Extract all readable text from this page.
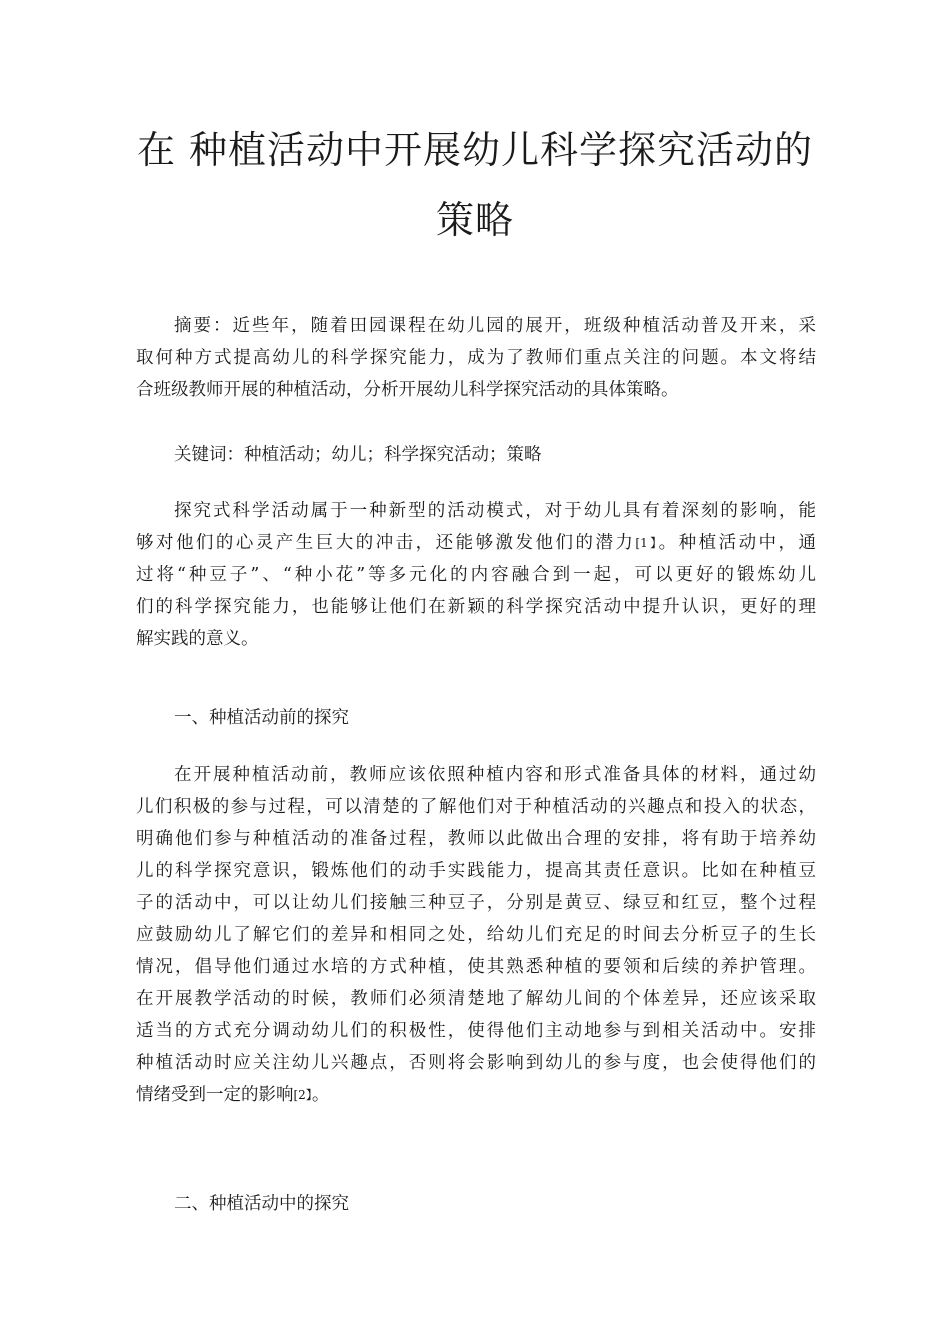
在 种植活动中开展幼儿科学探究活动的
策略
摘要：近些年，随着田园课程在幼儿园的展开，班级种植活动普及开来，采
取何种方式提高幼儿的科学探究能力，成为了教师们重点关注的问题。本文将结
合班级教师开展的种植活动，分析开展幼儿科学探究活动的具体策略。
关键词：种植活动；幼儿；科学探究活动；策略
探究式科学活动属于一种新型的活动模式，对于幼儿具有着深刻的影响，能
够对他们的心灵产生巨大的冲击，还能够激发他们的潜力[1】。种植活动中，通
过将“种豆子”、“种小花”等多元化的内容融合到一起，可以更好的锻炼幼儿
们的科学探究能力，也能够让他们在新颖的科学探究活动中提升认识，更好的理
解实践的意义。
一、种植活动前的探究
在开展种植活动前，教师应该依照种植内容和形式准备具体的材料，通过幼
儿们积极的参与过程，可以清楚的了解他们对于种植活动的兴趣点和投入的状态，
明确他们参与种植活动的准备过程，教师以此做出合理的安排，将有助于培养幼
儿的科学探究意识，锻炼他们的动手实践能力，提高其责任意识。比如在种植豆
子的活动中，可以让幼儿们接触三种豆子，分别是黄豆、绿豆和红豆，整个过程
应鼓励幼儿了解它们的差异和相同之处，给幼儿们充足的时间去分析豆子的生长
情况，倡导他们通过水培的方式种植，使其熟悉种植的要领和后续的养护管理。
在开展教学活动的时候，教师们必须清楚地了解幼儿间的个体差异，还应该采取
适当的方式充分调动幼儿们的积极性，使得他们主动地参与到相关活动中。安排
种植活动时应关注幼儿兴趣点，否则将会影响到幼儿的参与度，也会使得他们的
情绪受到一定的影响[2】。
二、种植活动中的探究
